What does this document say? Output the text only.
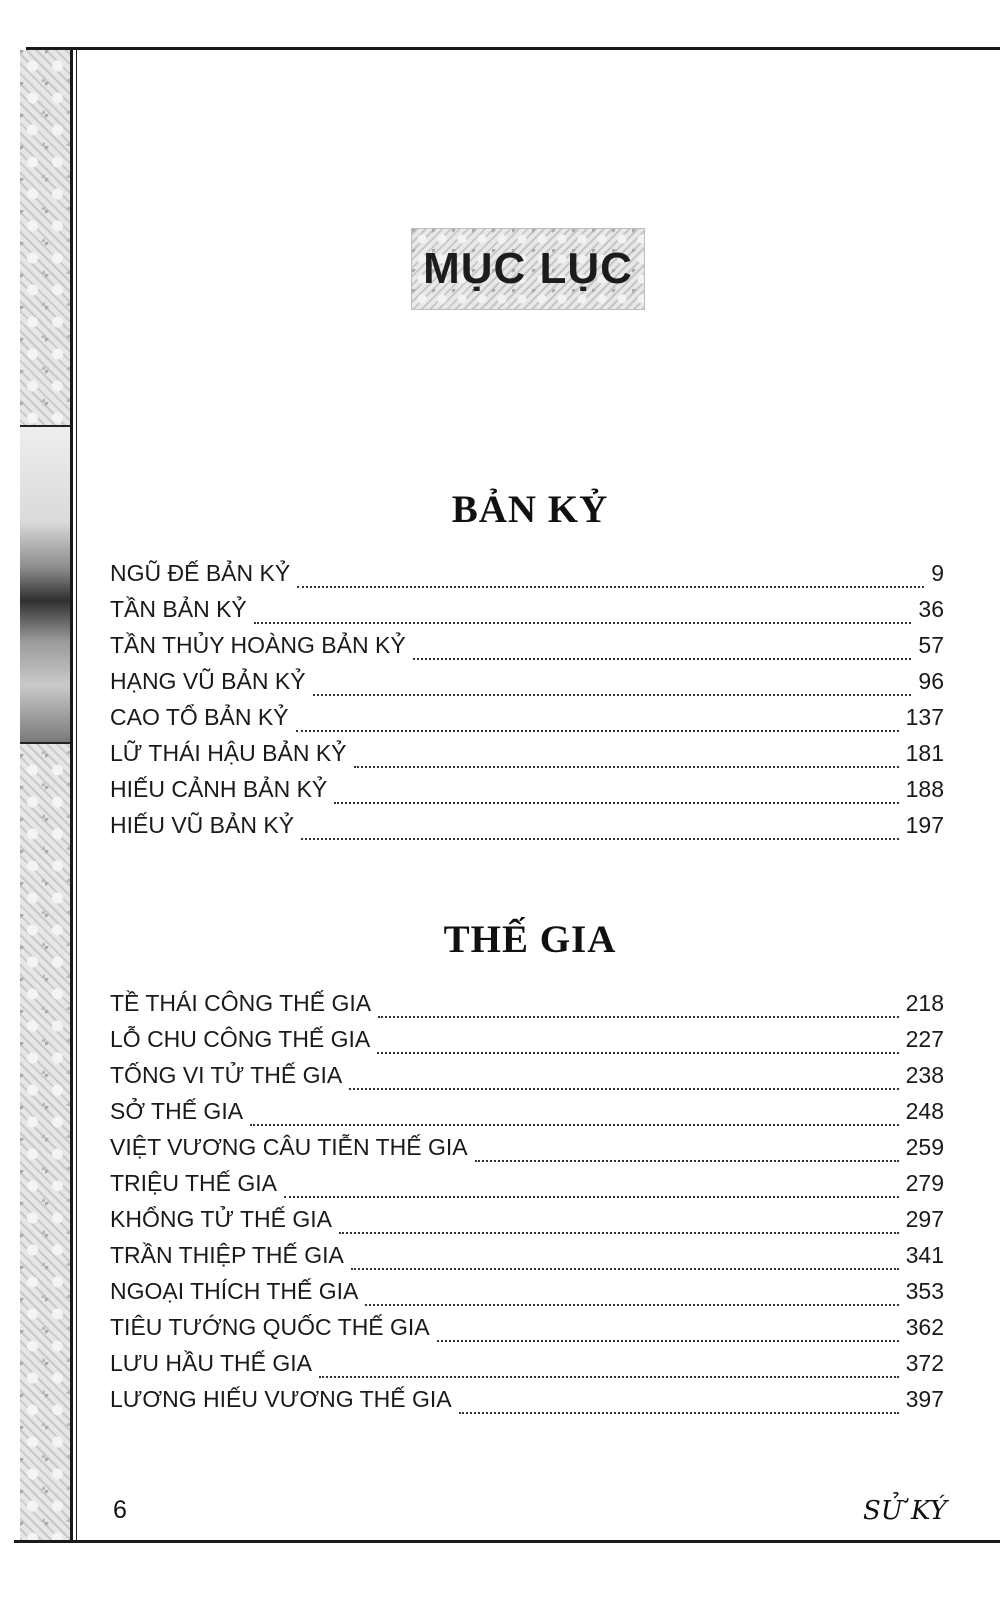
MỤC LỤC
BẢN KỶ
NGŨ ĐẾ BẢN KỶ	9
TẦN BẢN KỶ	36
TẦN THỦY HOÀNG BẢN KỶ	57
HẠNG VŨ BẢN KỶ	96
CAO TỔ BẢN KỶ	137
LỮ THÁI HẬU BẢN KỶ	181
HIẾU CẢNH BẢN KỶ	188
HIẾU VŨ BẢN KỶ	197
THẾ GIA
TỀ THÁI CÔNG THẾ GIA	218
LỖ CHU CÔNG THẾ GIA	227
TỐNG VI TỬ THẾ GIA	238
SỞ THẾ GIA	248
VIỆT VƯƠNG CÂU TIỄN THẾ GIA	259
TRIỆU THẾ GIA	279
KHỔNG TỬ THẾ GIA	297
TRẦN THIỆP THẾ GIA	341
NGOẠI THÍCH THẾ GIA	353
TIÊU TƯỚNG QUỐC THẾ GIA	362
LƯU HẦU THẾ GIA	372
LƯƠNG HIẾU VƯƠNG THẾ GIA	397
6	SỬ KÝ
